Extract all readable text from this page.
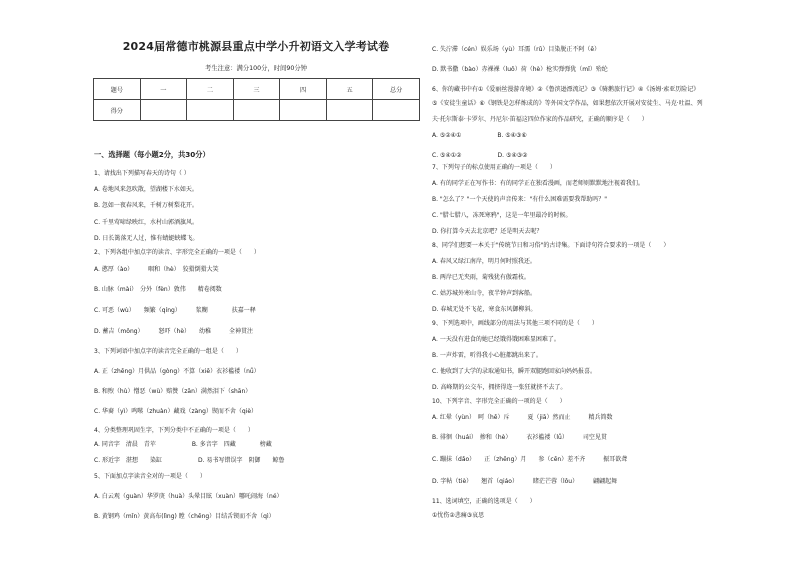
2024届常德市桃源县重点中学小升初语文入学考试卷
考生注意：满分100分，时间90分钟
题号	一	二	三	四	五	总分
得分						
一、选择题（每小题2分，共30分）
1、请找出下列描写春天的诗句（ ）
A. 卷地风来忽吹散，望湖楼下水如天。
B. 忽如一夜春风来，千树万树梨花开。
C. 千里莺啼绿映红，水村山郭酒旗风。
D. 日长篱落无人过，惟有蜻蜓蛱蝶飞。
2、下列各组中加点字的读音、字形完全正确的一项是（　　）
A. 憨厚（ào）　　　咽和（hè）　狡猾倒猾大笑
B. 山脉（mài）　分外（fèn）敦伟　　精卷阅数
C. 可恶（wù）　　频繁（qíng）　　　浆糊　　　　扶嘉一释
D. 蓄吉（mǒng）　　　怒吓（hè）　　幼稚　　　全神贯注
3、下列词语中加点字的读音完全正确的一组是（　　）
A. 正（zhēng）月供品（gòng）不算（xiē）衣衫褴褛（nǚ）
B. 和煦（hù）憎恶（wù）赔赞（zān）满然泪下（shān）
C. 华裔（yì）鸣啭（zhuàn）藏戏（zàng）锲而不舍（qiè）
4、分类整理巩固生字，下列分类中不正确的一项是（　　）
A. 同音字　清晨　青苹　　　　　　B. 多音字　四藏　　　　榜藏
C. 形近字　湛想　　染缸　　　　　　D. 易书写错误字　阴御　　鲸鲁
5、下面加点字读音全对的一项是（　　）
A. 白云观（guàn）华罗庚（huà）头晕目眩（xuàn）哪吒闹海（né）
B. 黄钢鸡（mǐn）黄高布(lìng) 瞠（chēng）目结舌锲而不舍（qì）
C. 失泞滞（cén）娱乐场（yù）耳濡（rǔ）目染脱正不阿（ē）
D. 默书撒（bào）赤裸裸（luǒ）荷（hè）枪实弹弹犹（mǐ）殆纶
6、你的藏书中有①《爱丽丝漫游奇境》②《鲁滨逊漂流记》③《骑鹅旅行记》④《汤姆·索亚历险记》
⑤《安徒生童话》⑥《钢铁是怎样炼成的》等外国文学作品，如果想依次开展对安徒生、马克·吐温、列
夫·托尔斯泰·卡罗尔、丹尼尔·笛福这四位作家的作品研究，正确的顺序是（　　）
A. ⑤②④①　　　　　　B. ⑤④③⑥
C. ⑤④①②　　　　　　D. ⑤④③②
7、下列句子的标点使用正确的一项是（　　）
A. 有的同学正在写作书：有的同学正在独看漫画，而老师则默默地注视着我们。
B. "怎么了？"一个天使的声音传来："有什么困难需要我帮助吗？"
C. "腊七腊八，冻死寒鸦"，这是一年里最冷的时候。
D. 你打算今天去北京吧？还是明天去呢？
8、同学们想要一本关于"传统节日和习俗"的古诗集。下面诗句符合要求的一项是（　　）
A. 春风又绿江南岸，明月何时照我还。
B. 两岸已无夹雨，菊残犹有傲霜枝。
C. 姑苏城外寒山寺，夜半钟声到客船。
D. 春城无处不飞花，寒食东风御柳斜。
9、下列选项中，画线部分的用法与其他三项不同的是（　　）
A. 一天没有进食的她已经饿得饿困难显困难了。
B. 一声炸雷，听得我小心脏都跳出来了。
C. 他收到了大学的录取通知书，瞬开双腿跑回家向妈妈报喜。
D. 高峰期的公交车，拥挤得连一张狂就挤不去了。
10、下列字音、字形完全正确的一项的是（　　）
A. 红晕（yùn）　呵（hē）斥　　　夏（jiā）然而止　　　精兵简数
B. 徘徊（huái）　掺和（hè）　　　衣衫褴褛（lǚ）　　　司空见贯
C. 蹦抹（dǎo）　　正（zhēng）月　　参（cēn）差不齐　　　振耳欲聋
D. 字帖（tiè）　　翘首（qiáo）　　　睹茫芒蓉（lǒu）　　　翩翩起舞
11、选词填空，正确的选项是（　　）
①忧伤②悲痛③哀思
